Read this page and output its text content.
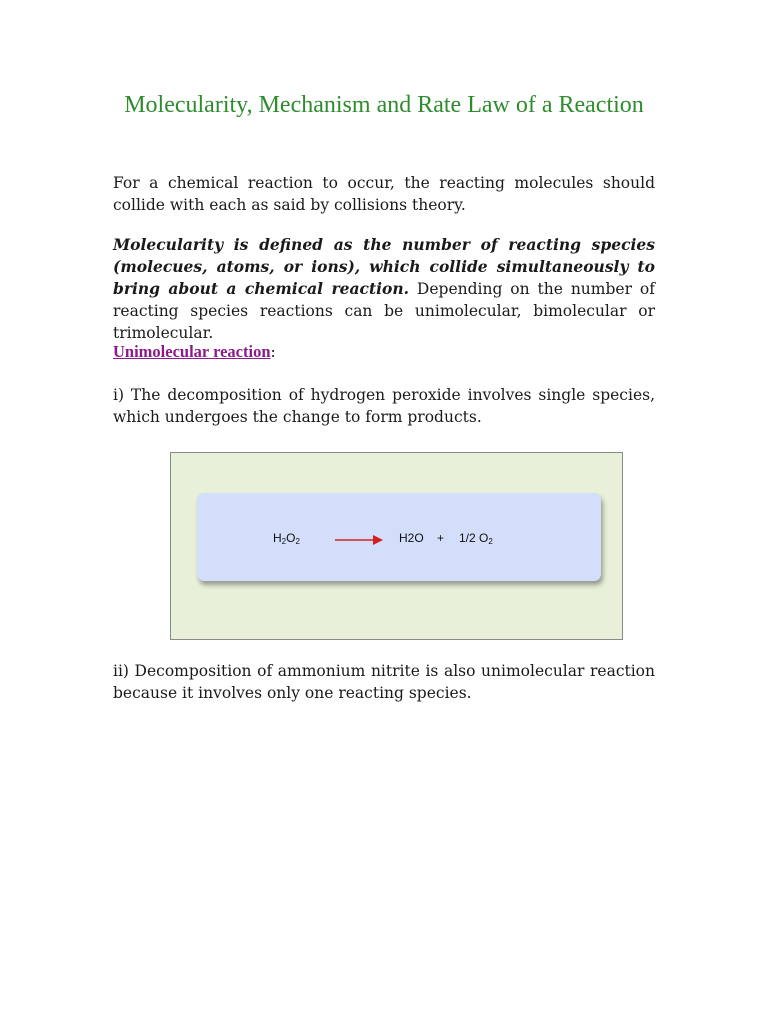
Molecularity, Mechanism and Rate Law of a Reaction

For a chemical reaction to occur, the reacting molecules should collide with each as said by collisions theory.

Molecularity is defined as the number of reacting species (molecues, atoms, or ions), which collide simultaneously to bring about a chemical reaction. Depending on the number of reacting species reactions can be unimolecular, bimolecular or trimolecular.

Unimolecular reaction:

i) The decomposition of hydrogen peroxide involves single species, which undergoes the change to form products.

$H_2O_2$	H2O + 1/2 $O_2$

ii) Decomposition of ammonium nitrite is also unimolecular reaction because it involves only one reacting species.
